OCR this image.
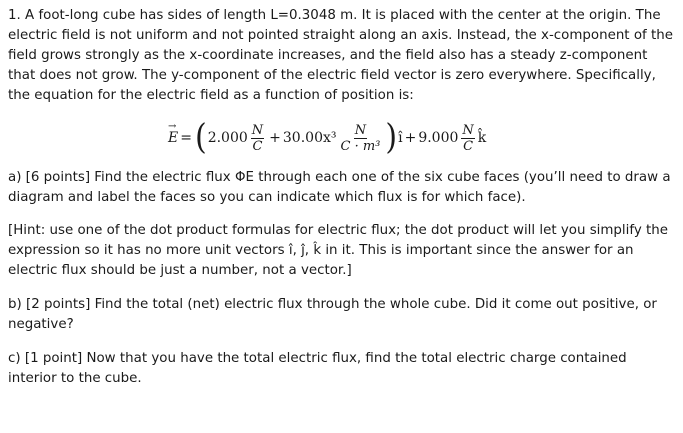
1. A foot-long cube has sides of length L=0.3048 m. It is placed with the center at the origin. The electric field is not uniform and not pointed straight along an axis. Instead, the x-component of the field grows strongly as the x-coordinate increases, and the field also has a steady z-component that does not grow. The y-component of the electric field vector is zero everywhere. Specifically, the equation for the electric field as a function of position is:

→ E = ( $2.000 \frac{N}{C} + 30.00x^3 \frac{N}{\text{C · m³}}$ ) î + $9.000 \frac{N}{C}$ k̂

a) [6 points] Find the electric flux ΦE through each one of the six cube faces (you’ll need to draw a diagram and label the faces so you can indicate which flux is for which face).

[Hint: use one of the dot product formulas for electric flux; the dot product will let you simplify the expression so it has no more unit vectors î, ĵ, k̂ in it. This is important since the answer for an electric flux should be just a number, not a vector.]

b) [2 points] Find the total (net) electric flux through the whole cube. Did it come out positive, or negative?

c) [1 point] Now that you have the total electric flux, find the total electric charge contained interior to the cube.
